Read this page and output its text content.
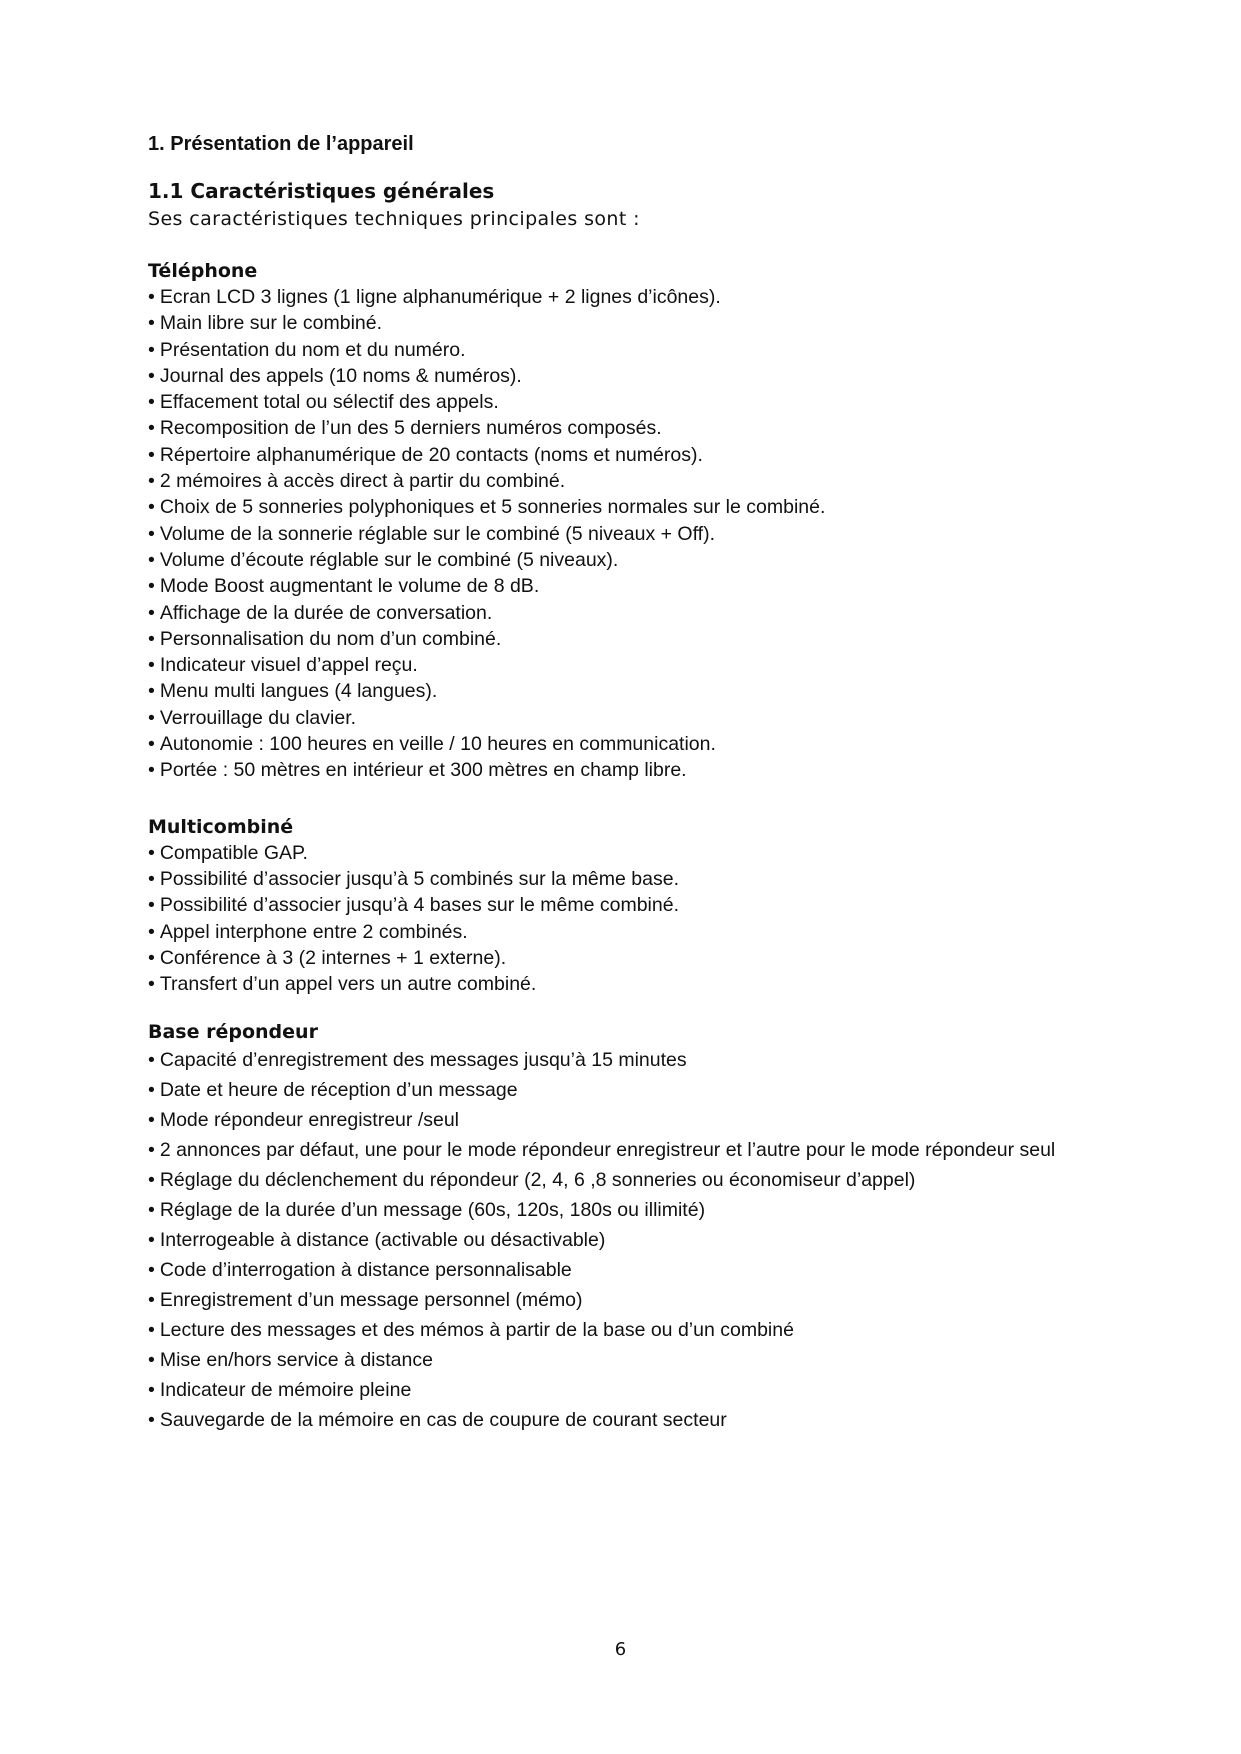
1. Présentation de l’appareil
1.1 Caractéristiques générales

Ses caractéristiques techniques principales sont :

Téléphone
• Ecran LCD 3 lignes (1 ligne alphanumérique + 2 lignes d’icônes).
• Main libre sur le combiné.
• Présentation du nom et du numéro.
• Journal des appels (10 noms & numéros).
• Effacement total ou sélectif des appels.
• Recomposition de l’un des 5 derniers numéros composés.
• Répertoire alphanumérique de 20 contacts (noms et numéros).
• 2 mémoires à accès direct à partir du combiné.
• Choix de 5 sonneries polyphoniques et 5 sonneries normales sur le combiné.
• Volume de la sonnerie réglable sur le combiné (5 niveaux + Off).
• Volume d’écoute réglable sur le combiné (5 niveaux).
• Mode Boost augmentant le volume de 8 dB.
• Affichage de la durée de conversation.
• Personnalisation du nom d’un combiné.
• Indicateur visuel d’appel reçu.
• Menu multi langues (4 langues).
• Verrouillage du clavier.
• Autonomie : 100 heures en veille / 10 heures en communication.
• Portée : 50 mètres en intérieur et 300 mètres en champ libre.
Multicombiné
• Compatible GAP.
• Possibilité d’associer jusqu’à 5 combinés sur la même base.
• Possibilité d’associer jusqu’à 4 bases sur le même combiné.
• Appel interphone entre 2 combinés.
• Conférence à 3 (2 internes + 1 externe).
• Transfert d’un appel vers un autre combiné.
Base répondeur
• Capacité d’enregistrement des messages jusqu’à 15 minutes
• Date et heure de réception d’un message
• Mode répondeur enregistreur /seul
• 2 annonces par défaut, une pour le mode répondeur enregistreur et l’autre pour le mode répondeur seul
• Réglage du déclenchement du répondeur (2, 4, 6 ,8 sonneries ou économiseur d’appel)
• Réglage de la durée d’un message (60s, 120s, 180s ou illimité)
• Interrogeable à distance (activable ou désactivable)
• Code d’interrogation à distance personnalisable
• Enregistrement d’un message personnel (mémo)
• Lecture des messages et des mémos à partir de la base ou d’un combiné
• Mise en/hors service à distance
• Indicateur de mémoire pleine
• Sauvegarde de la mémoire en cas de coupure de courant secteur
6
